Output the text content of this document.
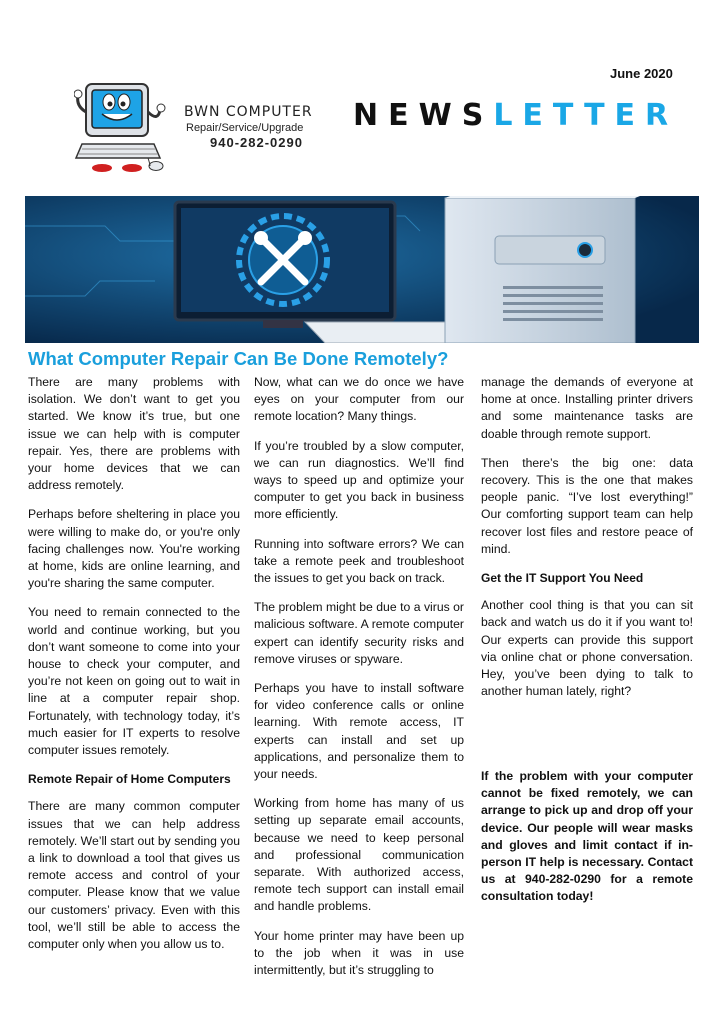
June 2020
BWN COMPUTER
Repair/Service/Upgrade
940-282-0290
NEWSLETTER
What Computer Repair Can Be Done Remotely?

There are many problems with isolation. We don’t want to get you started. We know it’s true, but one issue we can help with is computer repair. Yes, there are problems with your home devices that we can address remotely.

Perhaps before sheltering in place you were willing to make do, or you're only facing challenges now. You're working at home, kids are online learning, and you're sharing the same computer.

You need to remain connected to the world and continue working, but you don’t want someone to come into your house to check your computer, and you’re not keen on going out to wait in line at a computer repair shop. Fortunately, with technology today, it’s much easier for IT experts to resolve computer issues remotely.

Remote Repair of Home Computers

There are many common computer issues that we can help address remotely. We’ll start out by sending you a link to download a tool that gives us remote access and control of your computer. Please know that we value our customers’ privacy. Even with this tool, we’ll still be able to access the computer only when you allow us to.

Now, what can we do once we have eyes on your computer from our remote location? Many things.

If you’re troubled by a slow computer, we can run diagnostics. We’ll find ways to speed up and optimize your computer to get you back in business more efficiently.

Running into software errors? We can take a remote peek and troubleshoot the issues to get you back on track.

The problem might be due to a virus or malicious software. A remote computer expert can identify security risks and remove viruses or spyware.

Perhaps you have to install software for video conference calls or online learning. With remote access, IT experts can install and set up applications, and personalize them to your needs.

Working from home has many of us setting up separate email accounts, because we need to keep personal and professional communication separate. With authorized access, remote tech support can install email and handle problems.

Your home printer may have been up to the job when it was in use intermittently, but it’s struggling to

manage the demands of everyone at home at once. Installing printer drivers and some maintenance tasks are doable through remote support.

Then there’s the big one: data recovery. This is the one that makes people panic. “I’ve lost everything!” Our comforting support team can help recover lost files and restore peace of mind.

Get the IT Support You Need

Another cool thing is that you can sit back and watch us do it if you want to! Our experts can provide this support via online chat or phone conversation. Hey, you’ve been dying to talk to another human lately, right?

If the problem with your computer cannot be fixed remotely, we can arrange to pick up and drop off your device. Our people will wear masks and gloves and limit contact if in-person IT help is necessary. Contact us at 940-282-0290 for a remote consultation today!
